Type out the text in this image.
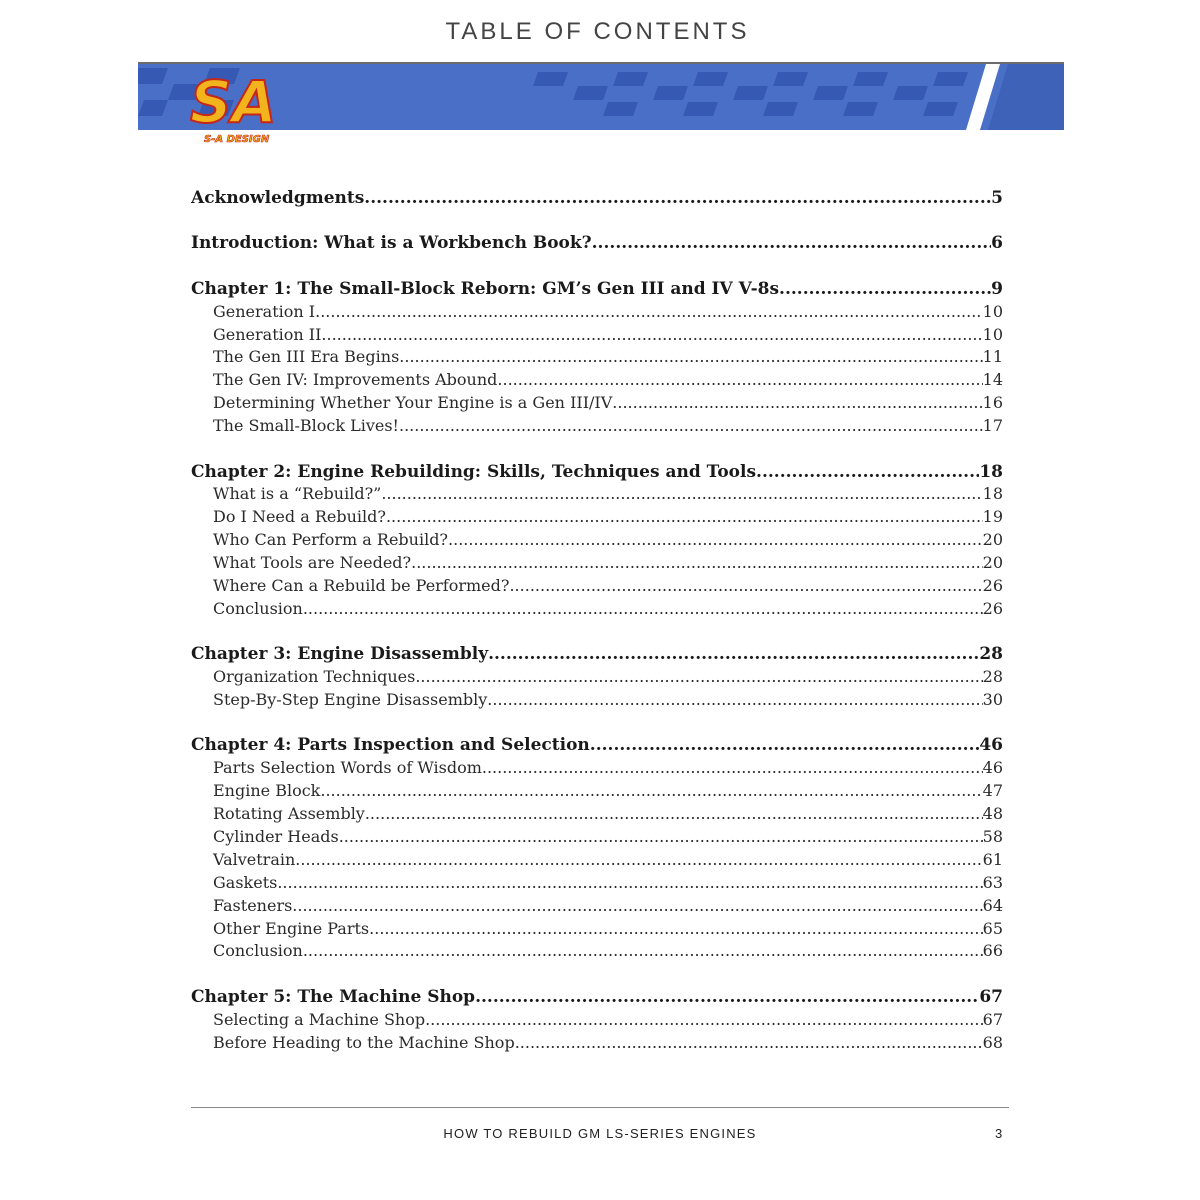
TABLE OF CONTENTS
SA
S-A DESIGN
Acknowledgments .....	5
Introduction: What is a Workbench Book? .....	6
Chapter 1: The Small-Block Reborn: GM’s Gen III and IV V-8s .....	9
Generation I .....	10
Generation II .....	10
The Gen III Era Begins .....	11
The Gen IV: Improvements Abound .....	14
Determining Whether Your Engine is a Gen III/IV .....	16
The Small-Block Lives! .....	17
Chapter 2: Engine Rebuilding: Skills, Techniques and Tools .....	18
What is a “Rebuild?” .....	18
Do I Need a Rebuild? .....	19
Who Can Perform a Rebuild? .....	20
What Tools are Needed? .....	20
Where Can a Rebuild be Performed? .....	26
Conclusion .....	26
Chapter 3: Engine Disassembly .....	28
Organization Techniques .....	28
Step-By-Step Engine Disassembly .....	30
Chapter 4: Parts Inspection and Selection .....	46
Parts Selection Words of Wisdom .....	46
Engine Block .....	47
Rotating Assembly .....	48
Cylinder Heads .....	58
Valvetrain .....	61
Gaskets .....	63
Fasteners .....	64
Other Engine Parts .....	65
Conclusion .....	66
Chapter 5: The Machine Shop .....	67
Selecting a Machine Shop .....	67
Before Heading to the Machine Shop .....	68
HOW TO REBUILD GM LS-SERIES ENGINES	3
